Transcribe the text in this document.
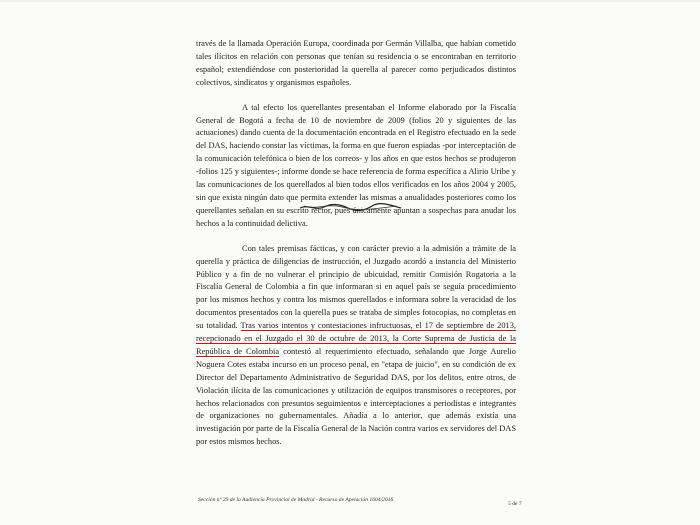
través de la llamada Operación Europa, coordinada por Germán Villalba, que habían cometido tales ilícitos en relación con personas que tenían su residencia o se encontraban en territorio español; extendiéndose con posterioridad la querella al parecer como perjudicados distintos colectivos, sindicatos y organismos españoles.

A tal efecto los querellantes presentaban el Informe elaborado por la Fiscalía General de Bogotá a fecha de 10 de noviembre de 2009 (folios 20 y siguientes de las actuaciones) dando cuenta de la documentación encontrada en el Registro efectuado en la sede del DAS, haciendo constar las víctimas, la forma en que fueron espiadas -por interceptación de la comunicación telefónica o bien de los correos- y los años en que estos hechos se produjeron -folios 125 y siguientes-; informe donde se hace referencia de forma específica a Alirio Uribe y las comunicaciones de los querellados al bien todos ellos verificados en los años 2004 y 2005, sin que exista ningún dato que permita extender las mismas a anualidades posteriores como los querellantes señalan en su escrito rector, pues únicamente apuntan a sospechas para anudar los hechos a la continuidad delictiva.

Con tales premisas fácticas, y con carácter previo a la admisión a trámite de la querella y práctica de diligencias de instrucción, el Juzgado acordó a instancia del Ministerio Público y a fin de no vulnerar el principio de ubicuidad, remitir Comisión Rogatoria a la Fiscalía General de Colombia a fin que informaran si en aquel país se seguía procedimiento por los mismos hechos y contra los mismos querellados e informara sobre la veracidad de los documentos presentados con la querella pues se trataba de simples fotocopias, no completas en su totalidad. Tras varios intentos y contestaciones infructuosas, el 17 de septiembre de 2013, recepcionado en el Juzgado el 30 de octubre de 2013, la Corte Suprema de Justicia de la República de Colombia contestó al requerimiento efectuado, señalando que Jorge Aurelio Noguera Cotes estaba incurso en un proceso penal, en "etapa de juicio", en su condición de ex Director del Departamento Administrativo de Seguridad DAS, por los delitos, entre otros, de Violación ilícita de las comunicaciones y utilización de equipos transmisores o receptores, por hechos relacionados con presuntos seguimientos e interceptaciones a periodistas e integrantes de organizaciones no gubernamentales. Añadía a lo anterior, que además existía una investigación por parte de la Fiscalía General de la Nación contra varios ex servidores del DAS por estos mismos hechos.

Sección nº 29 de la Audiencia Provincial de Madrid - Recurso de Apelación 1604/2016
5 de 7
